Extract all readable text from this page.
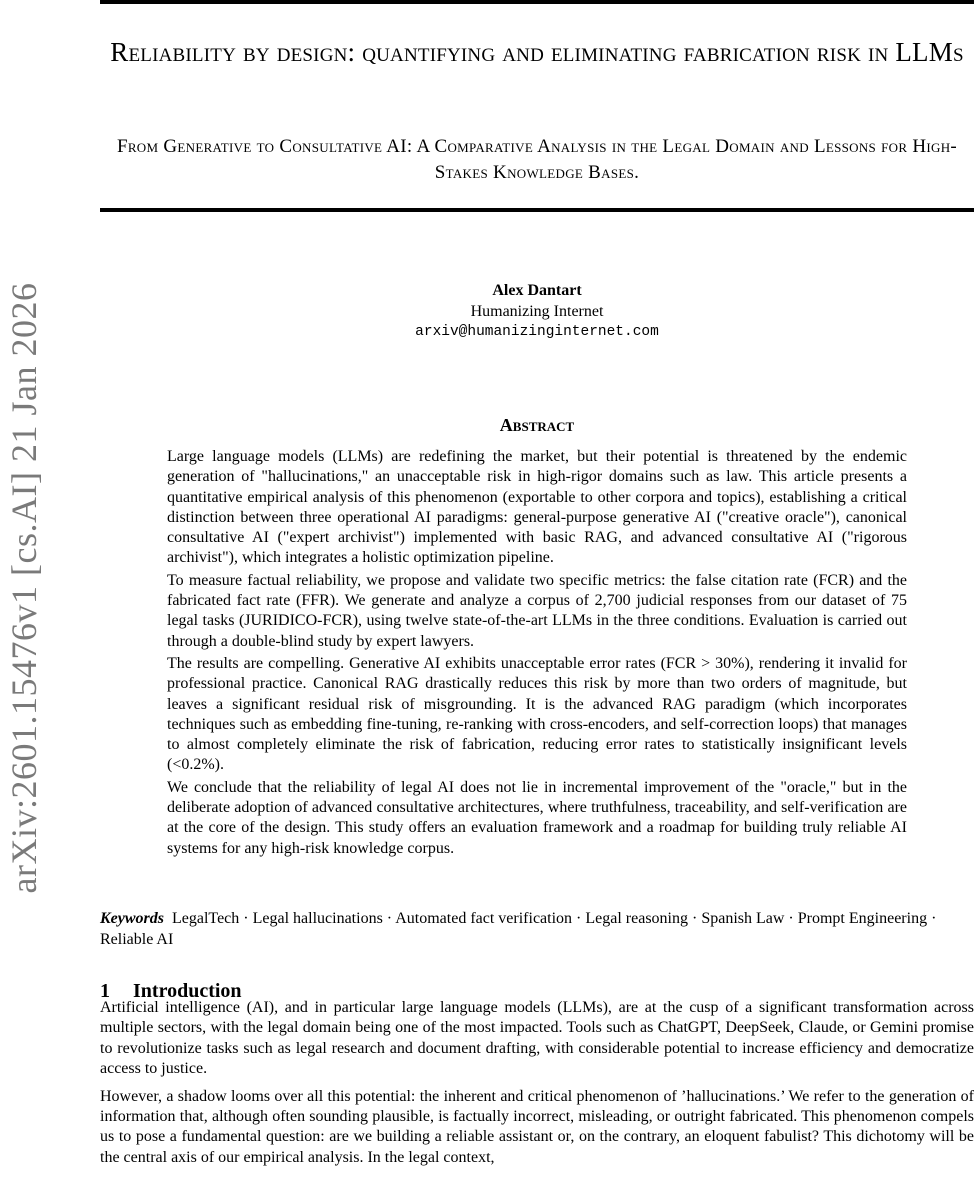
Reliability by design: quantifying and eliminating fabrication risk in LLMs
From Generative to Consultative AI: A Comparative Analysis in the Legal Domain and Lessons for High-Stakes Knowledge Bases.
arXiv:2601.15476v1 [cs.AI] 21 Jan 2026	Alex Dantart
Humanizing Internet
arxiv@humanizinginternet.com
Abstract

Large language models (LLMs) are redefining the market, but their potential is threatened by the endemic generation of "hallucinations," an unacceptable risk in high-rigor domains such as law. This article presents a quantitative empirical analysis of this phenomenon (exportable to other corpora and topics), establishing a critical distinction between three operational AI paradigms: general-purpose generative AI ("creative oracle"), canonical consultative AI ("expert archivist") implemented with basic RAG, and advanced consultative AI ("rigorous archivist"), which integrates a holistic optimization pipeline.

To measure factual reliability, we propose and validate two specific metrics: the false citation rate (FCR) and the fabricated fact rate (FFR). We generate and analyze a corpus of 2,700 judicial responses from our dataset of 75 legal tasks (JURIDICO-FCR), using twelve state-of-the-art LLMs in the three conditions. Evaluation is carried out through a double-blind study by expert lawyers.

The results are compelling. Generative AI exhibits unacceptable error rates (FCR > 30%), rendering it invalid for professional practice. Canonical RAG drastically reduces this risk by more than two orders of magnitude, but leaves a significant residual risk of misgrounding. It is the advanced RAG paradigm (which incorporates techniques such as embedding fine-tuning, re-ranking with cross-encoders, and self-correction loops) that manages to almost completely eliminate the risk of fabrication, reducing error rates to statistically insignificant levels (<0.2%).

We conclude that the reliability of legal AI does not lie in incremental improvement of the "oracle," but in the deliberate adoption of advanced consultative architectures, where truthfulness, traceability, and self-verification are at the core of the design. This study offers an evaluation framework and a roadmap for building truly reliable AI systems for any high-risk knowledge corpus.

Keywords LegalTech · Legal hallucinations · Automated fact verification · Legal reasoning · Spanish Law · Prompt Engineering · Reliable AI
1 Introduction

Artificial intelligence (AI), and in particular large language models (LLMs), are at the cusp of a significant transformation across multiple sectors, with the legal domain being one of the most impacted. Tools such as ChatGPT, DeepSeek, Claude, or Gemini promise to revolutionize tasks such as legal research and document drafting, with considerable potential to increase efficiency and democratize access to justice.

However, a shadow looms over all this potential: the inherent and critical phenomenon of ’hallucinations.’ We refer to the generation of information that, although often sounding plausible, is factually incorrect, misleading, or outright fabricated. This phenomenon compels us to pose a fundamental question: are we building a reliable assistant or, on the contrary, an eloquent fabulist? This dichotomy will be the central axis of our empirical analysis. In the legal context,
